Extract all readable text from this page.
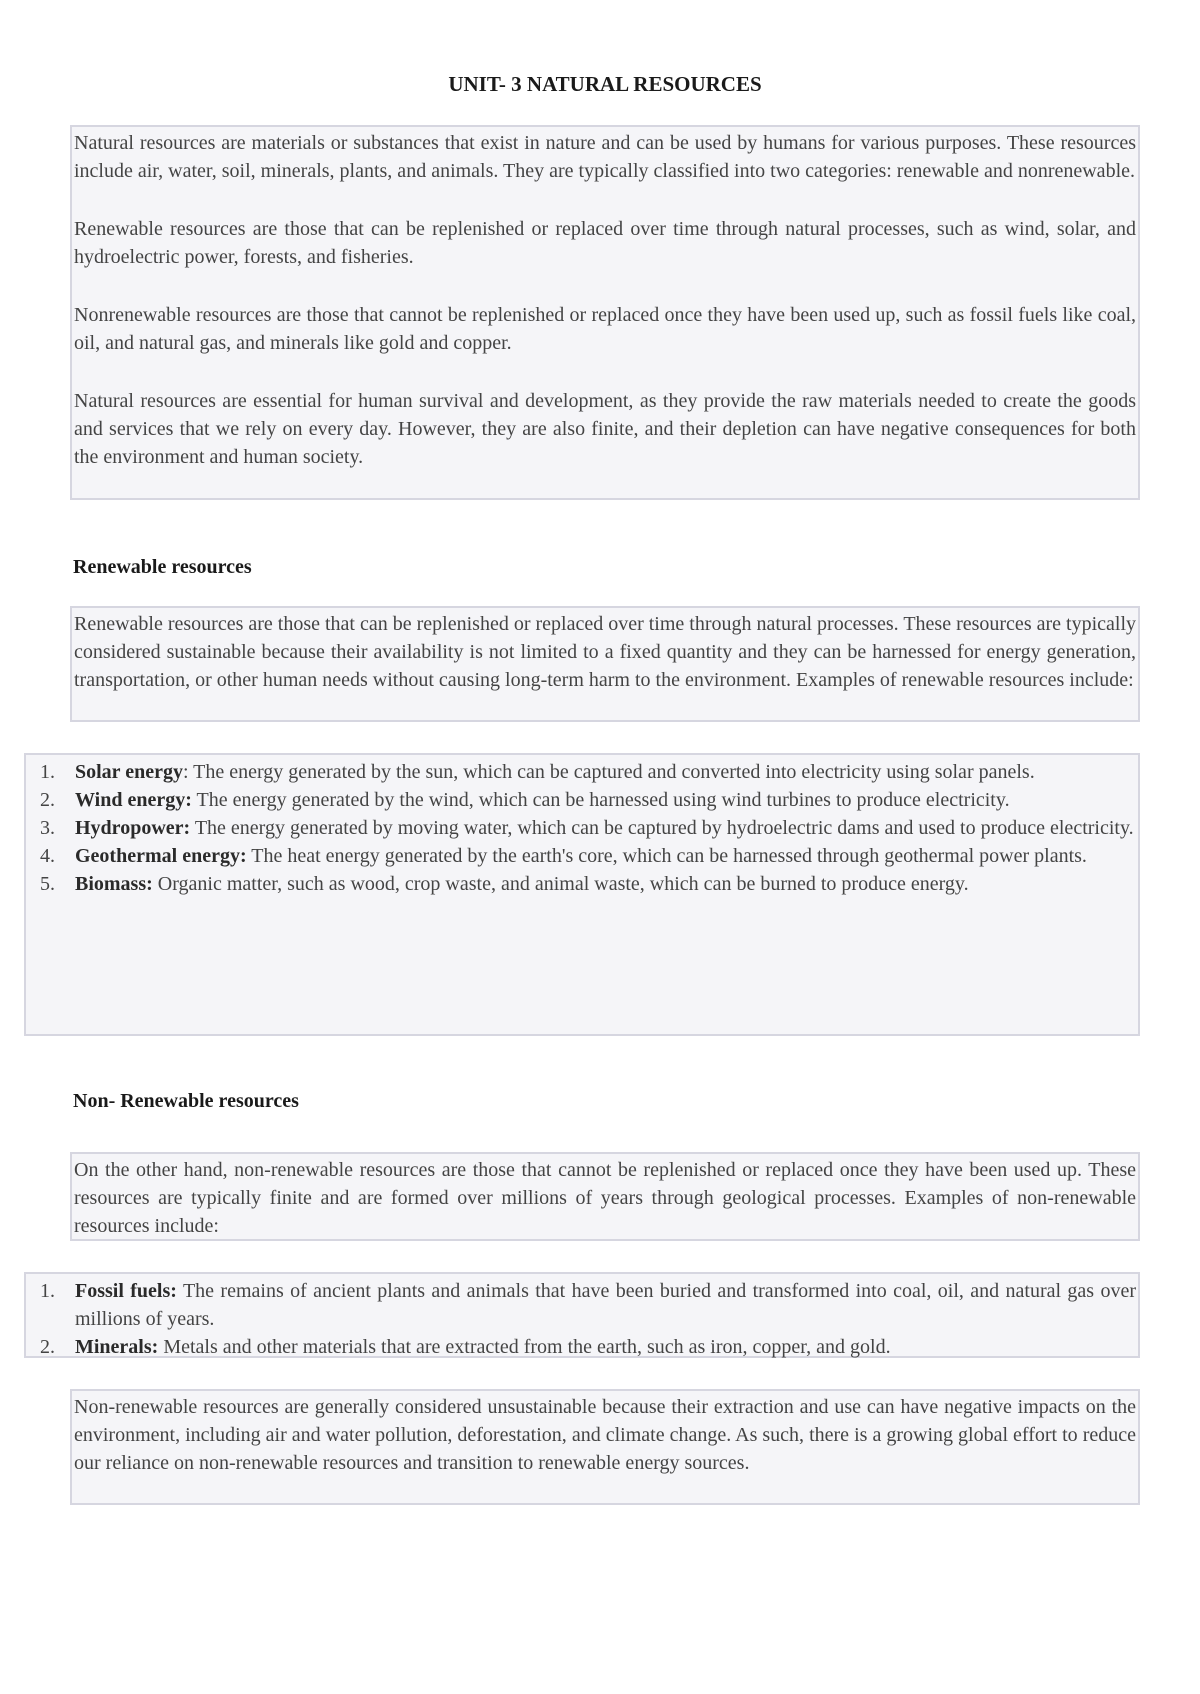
UNIT- 3 NATURAL RESOURCES

Natural resources are materials or substances that exist in nature and can be used by humans for various purposes. These resources include air, water, soil, minerals, plants, and animals. They are typically classified into two categories: renewable and nonrenewable.

Renewable resources are those that can be replenished or replaced over time through natural processes, such as wind, solar, and hydroelectric power, forests, and fisheries.

Nonrenewable resources are those that cannot be replenished or replaced once they have been used up, such as fossil fuels like coal, oil, and natural gas, and minerals like gold and copper.

Natural resources are essential for human survival and development, as they provide the raw materials needed to create the goods and services that we rely on every day. However, they are also finite, and their depletion can have negative consequences for both the environment and human society.

Renewable resources

Renewable resources are those that can be replenished or replaced over time through natural processes. These resources are typically considered sustainable because their availability is not limited to a fixed quantity and they can be harnessed for energy generation, transportation, or other human needs without causing long-term harm to the environment. Examples of renewable resources include:

1. Solar energy: The energy generated by the sun, which can be captured and converted into electricity using solar panels.
2. Wind energy: The energy generated by the wind, which can be harnessed using wind turbines to produce electricity.
3. Hydropower: The energy generated by moving water, which can be captured by hydroelectric dams and used to produce electricity.
4. Geothermal energy: The heat energy generated by the earth's core, which can be harnessed through geothermal power plants.
5. Biomass: Organic matter, such as wood, crop waste, and animal waste, which can be burned to produce energy.
Non- Renewable resources

On the other hand, non-renewable resources are those that cannot be replenished or replaced once they have been used up. These resources are typically finite and are formed over millions of years through geological processes. Examples of non-renewable resources include:

1. Fossil fuels: The remains of ancient plants and animals that have been buried and transformed into coal, oil, and natural gas over millions of years.
2. Minerals: Metals and other materials that are extracted from the earth, such as iron, copper, and gold.

Non-renewable resources are generally considered unsustainable because their extraction and use can have negative impacts on the environment, including air and water pollution, deforestation, and climate change. As such, there is a growing global effort to reduce our reliance on non-renewable resources and transition to renewable energy sources.
